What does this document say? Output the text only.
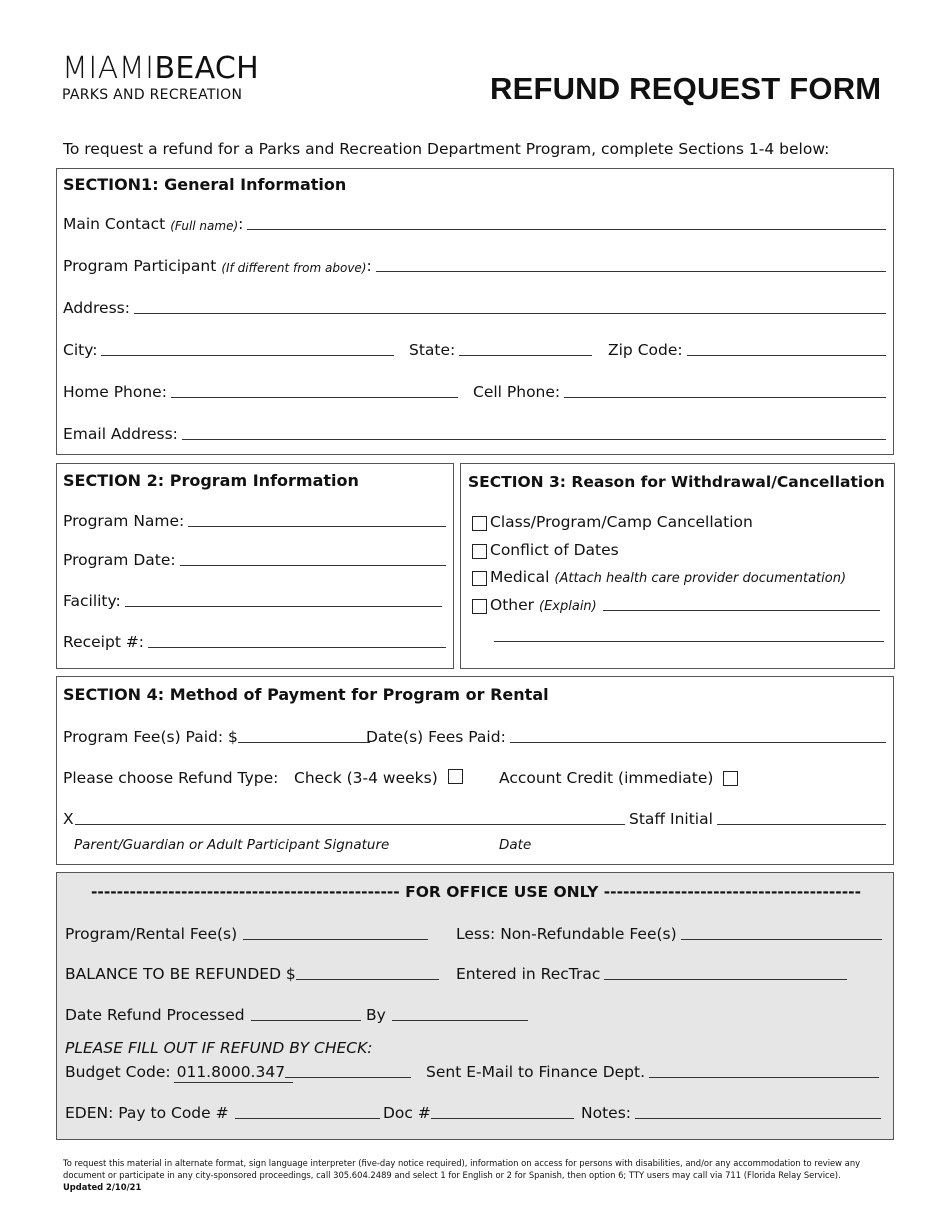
MIAMIBEACH
PARKS AND RECREATION	REFUND REQUEST FORM
To request a refund for a Parks and Recreation Department Program, complete Sections 1-4 below:
SECTION1: General Information
Main Contact (Full name) :
Program Participant (If different from above) :
Address:
City:	State:	Zip Code:
Home Phone:	Cell Phone:
Email Address:
SECTION 2: Program Information
Program Name:
Program Date:
Facility:
Receipt #:
SECTION 3: Reason for Withdrawal/Cancellation
Class/Program/Camp Cancellation
Conflict of Dates
Medical (Attach health care provider documentation)
Other (Explain)
SECTION 4: Method of Payment for Program or Rental
Program Fee(s) Paid: $	Date(s) Fees Paid:
Please choose Refund Type: Check (3-4 weeks)	Account Credit (immediate)
X	Staff Initial
Parent/Guardian or Adult Participant Signature	Date
------------------------------------------------ FOR OFFICE USE ONLY ----------------------------------------
Program/Rental Fee(s)	Less: Non-Refundable Fee(s)
BALANCE TO BE REFUNDED $	Entered in RecTrac
Date Refund Processed	By
PLEASE FILL OUT IF REFUND BY CHECK:
Budget Code: 011.8000.347	Sent E-Mail to Finance Dept.
EDEN: Pay to Code #	Doc #	Notes:
To request this material in alternate format, sign language interpreter (five-day notice required), information on access for persons with disabilities, and/or any accommodation to review any document or participate in any city-sponsored proceedings, call 305.604.2489 and select 1 for English or 2 for Spanish, then option 6; TTY users may call via 711 (Florida Relay Service).
Updated 2/10/21
